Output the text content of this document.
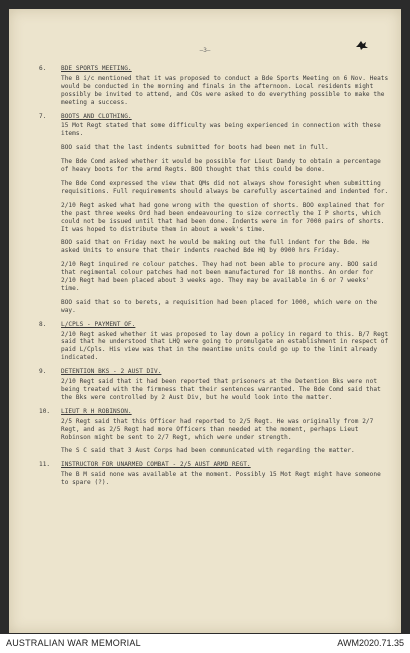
–3–
6.	BDE SPORTS MEETING.
The B i/c mentioned that it was proposed to conduct a Bde Sports Meeting on 6 Nov. Heats would be conducted in the morning and finals in the afternoon. Local residents might possibly be invited to attend, and COs were asked to do everything possible to make the meeting a success.
7.	BOOTS AND CLOTHING.
15 Mot Regt stated that some difficulty was being experienced in connection with these items.
BOO said that the last indents submitted for boots had been met in full.
The Bde Comd asked whether it would be possible for Lieut Dandy to obtain a percentage of heavy boots for the armd Regts. BOO thought that this could be done.
The Bde Comd expressed the view that QMs did not always show foresight when submitting requisitions. Full requirements should always be carefully ascertained and indented for.
2/10 Regt asked what had gone wrong with the question of shorts. BOO explained that for the past three weeks Ord had been endeavouring to size correctly the I P shorts, which could not be issued until that had been done. Indents were in for 7000 pairs of shorts. It was hoped to distribute them in about a week's time.
BOO said that on Friday next he would be making out the full indent for the Bde. He asked Units to ensure that their indents reached Bde HQ by 0900 hrs Friday.
2/10 Regt inquired re colour patches. They had not been able to procure any. BOO said that regimental colour patches had not been manufactured for 18 months. An order for 2/10 Regt had been placed about 3 weeks ago. They may be available in 6 or 7 weeks' time.
BOO said that so to berets, a requisition had been placed for 1000, which were on the way.
8.	L/CPLS - PAYMENT OF.
2/10 Regt asked whether it was proposed to lay down a policy in regard to this. B/7 Regt said that he understood that LHQ were going to promulgate an establishment in respect of paid L/Cpls. His view was that in the meantime units could go up to the limit already indicated.
9.	DETENTION BKS - 2 AUST DIV.
2/10 Regt said that it had been reported that prisoners at the Detention Bks were not being treated with the firmness that their sentences warranted. The Bde Comd said that the Bks were controlled by 2 Aust Div, but he would look into the matter.
10.	LIEUT R H ROBINSON.
2/5 Regt said that this Officer had reported to 2/5 Regt. He was originally from 2/7 Regt, and as 2/5 Regt had more Officers than needed at the moment, perhaps Lieut Robinson might be sent to 2/7 Regt, which were under strength.
The S C said that 3 Aust Corps had been communicated with regarding the matter.
11.	INSTRUCTOR FOR UNARMED COMBAT - 2/5 AUST ARMD REGT.
The B M said none was available at the moment. Possibly 15 Mot Regt might have someone to spare (?).
AUSTRALIAN WAR MEMORIAL	AWM2020.71.35
